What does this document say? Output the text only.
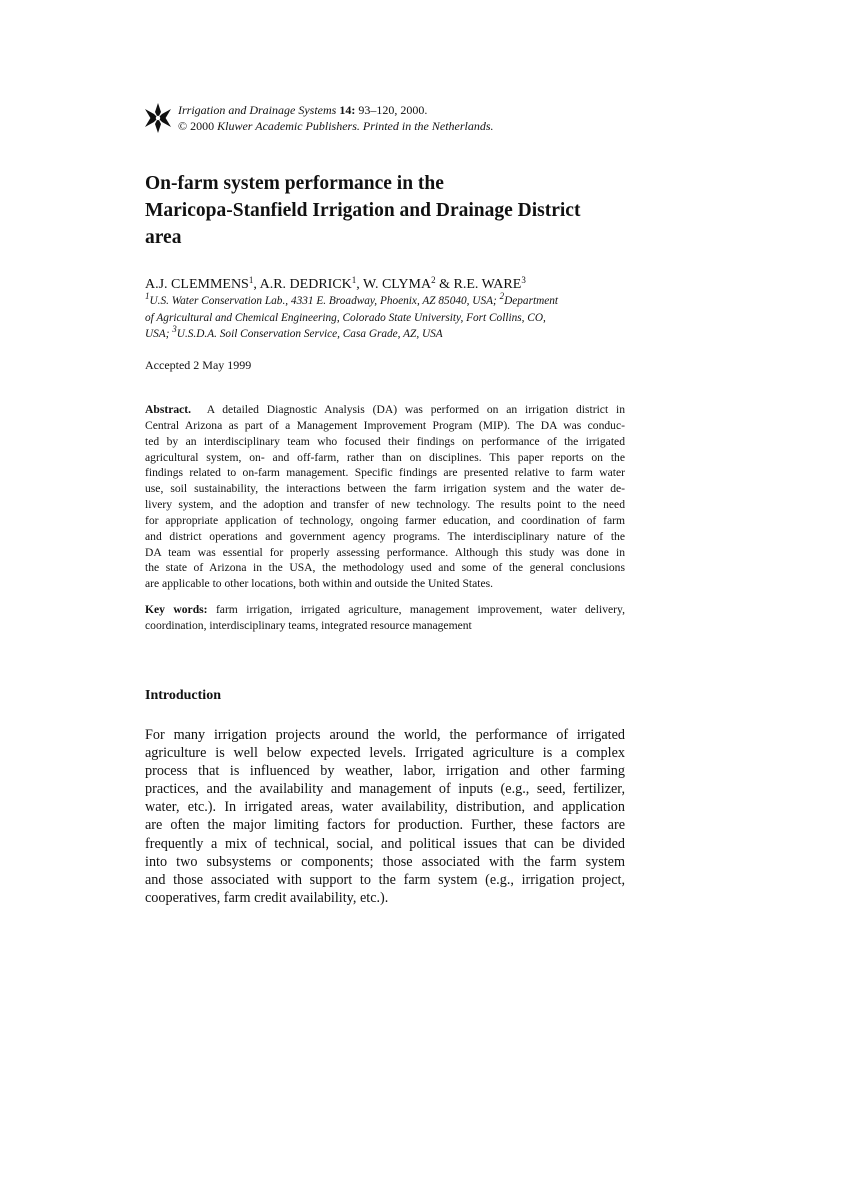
Irrigation and Drainage Systems 14: 93–120, 2000.
© 2000 Kluwer Academic Publishers. Printed in the Netherlands.
On-farm system performance in the
Maricopa-Stanfield Irrigation and Drainage District
area
A.J. CLEMMENS$^1$, A.R. DEDRICK$^1$, W. CLYMA$^2$ & R.E. WARE$^3$
$^1$U.S. Water Conservation Lab., 4331 E. Broadway, Phoenix, AZ 85040, USA; $^2$Department
of Agricultural and Chemical Engineering, Colorado State University, Fort Collins, CO,
USA; $^3$U.S.D.A. Soil Conservation Service, Casa Grade, AZ, USA
Accepted 2 May 1999
Abstract. A detailed Diagnostic Analysis (DA) was performed on an irrigation district in
Central Arizona as part of a Management Improvement Program (MIP). The DA was conduc-
ted by an interdisciplinary team who focused their findings on performance of the irrigated
agricultural system, on- and off-farm, rather than on disciplines. This paper reports on the
findings related to on-farm management. Specific findings are presented relative to farm water
use, soil sustainability, the interactions between the farm irrigation system and the water de-
livery system, and the adoption and transfer of new technology. The results point to the need
for appropriate application of technology, ongoing farmer education, and coordination of farm
and district operations and government agency programs. The interdisciplinary nature of the
DA team was essential for properly assessing performance. Although this study was done in
the state of Arizona in the USA, the methodology used and some of the general conclusions
are applicable to other locations, both within and outside the United States.
Key words: farm irrigation, irrigated agriculture, management improvement, water delivery,
coordination, interdisciplinary teams, integrated resource management
Introduction
For many irrigation projects around the world, the performance of irrigated
agriculture is well below expected levels. Irrigated agriculture is a complex
process that is influenced by weather, labor, irrigation and other farming
practices, and the availability and management of inputs (e.g., seed, fertilizer,
water, etc.). In irrigated areas, water availability, distribution, and application
are often the major limiting factors for production. Further, these factors are
frequently a mix of technical, social, and political issues that can be divided
into two subsystems or components; those associated with the farm system
and those associated with support to the farm system (e.g., irrigation project,
cooperatives, farm credit availability, etc.).
